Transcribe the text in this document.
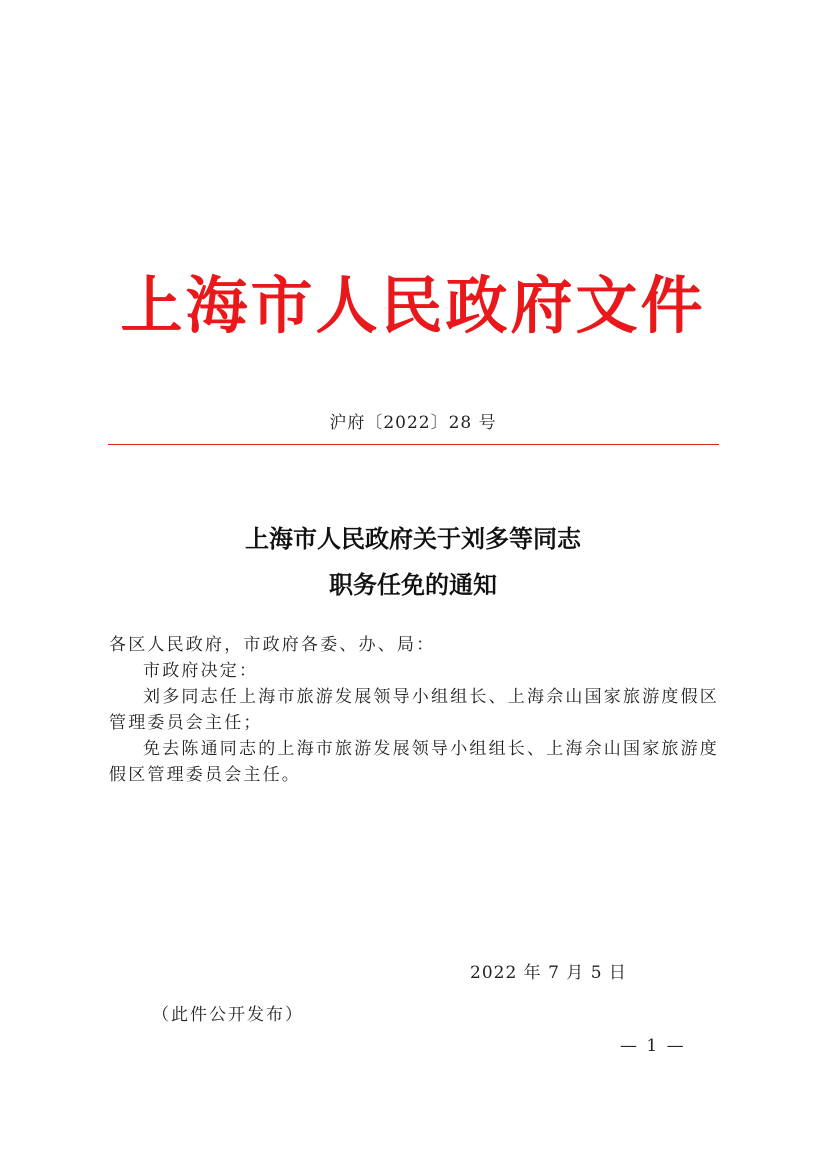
上海市人民政府文件
沪府〔2022〕28 号
上海市人民政府关于刘多等同志
职务任免的通知

各区人民政府，市政府各委、办、局：

市政府决定：

刘多同志任上海市旅游发展领导小组组长、上海佘山国家旅游度假区管理委员会主任；

免去陈通同志的上海市旅游发展领导小组组长、上海佘山国家旅游度假区管理委员会主任。

2022 年 7 月 5 日
（此件公开发布）
— 1 —
